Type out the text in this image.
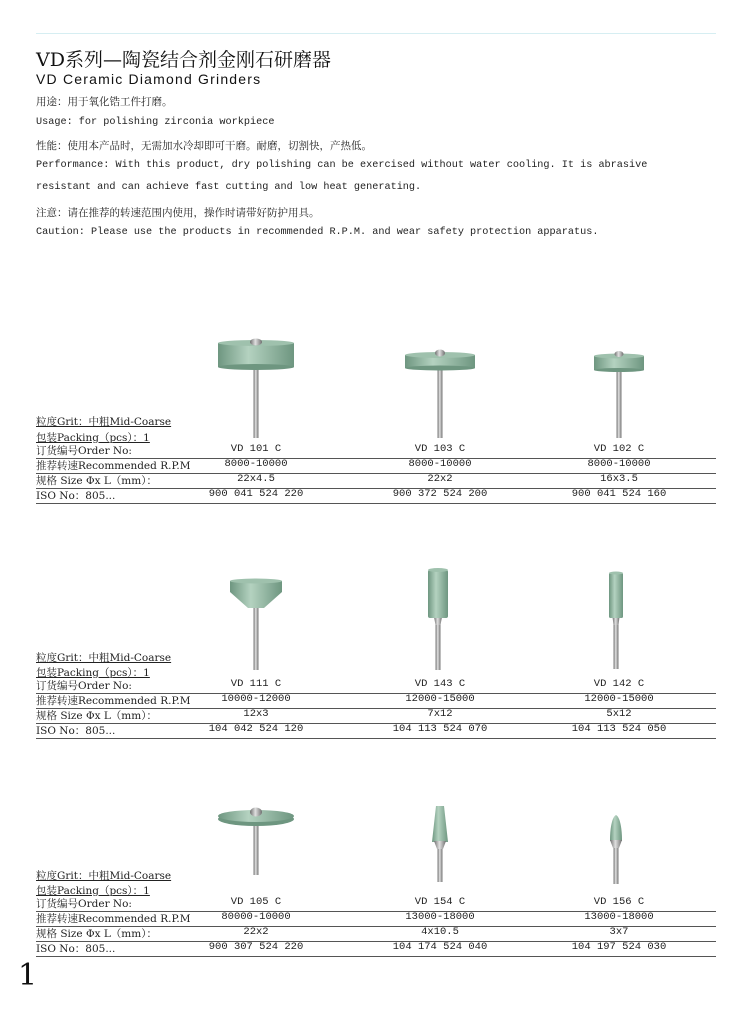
VD系列—陶瓷结合剂金刚石研磨器
VD Ceramic Diamond Grinders
用途：用于氧化锆工件打磨。
Usage: for polishing zirconia workpiece
性能：使用本产品时，无需加水冷却即可干磨。耐磨，切割快，产热低。
Performance: With this product, dry polishing can be exercised without water cooling. It is abrasive
resistant and can achieve fast cutting and low heat generating.
注意：请在推荐的转速范围内使用，操作时请带好防护用具。
Caution: Please use the products in recommended R.P.M. and wear safety protection apparatus.
粒度Grit：中粗Mid-Coarse
包装Packing（pcs）：1
订货编号Order No:	VD 101 C	VD 103 C	VD 102 C
推荐转速Recommended R.P.M	8000-10000	8000-10000	8000-10000
规格 Size Φx L（mm）：	22x4.5	22x2	16x3.5
ISO No：805...	900 041 524 220	900 372 524 200	900 041 524 160
粒度Grit：中粗Mid-Coarse
包装Packing（pcs）：1
订货编号Order No:	VD 111 C	VD 143 C	VD 142 C
推荐转速Recommended R.P.M	10000-12000	12000-15000	12000-15000
规格 Size Φx L（mm）：	12x3	7x12	5x12
ISO No：805...	104 042 524 120	104 113 524 070	104 113 524 050
粒度Grit：中粗Mid-Coarse
包装Packing（pcs）：1
订货编号Order No:	VD 105 C	VD 154 C	VD 156 C
推荐转速Recommended R.P.M	80000-10000	13000-18000	13000-18000
规格 Size Φx L（mm）：	22x2	4x10.5	3x7
ISO No：805...	900 307 524 220	104 174 524 040	104 197 524 030
1
